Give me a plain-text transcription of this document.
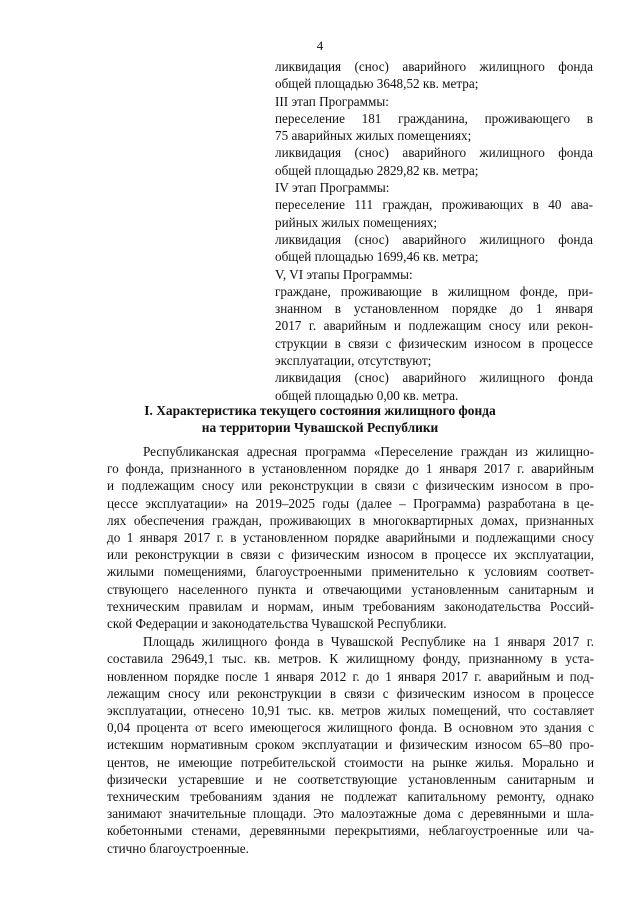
4
ликвидация (снос) аварийного жилищного фонда
общей площадью 3648,52 кв. метра;
III этап Программы:
переселение 181 гражданина, проживающего в
75 аварийных жилых помещениях;
ликвидация (снос) аварийного жилищного фонда
общей площадью 2829,82 кв. метра;
IV этап Программы:
переселение 111 граждан, проживающих в 40 ава-
рийных жилых помещениях;
ликвидация (снос) аварийного жилищного фонда
общей площадью 1699,46 кв. метра;
V, VI этапы Программы:
граждане, проживающие в жилищном фонде, при-
знанном в установленном порядке до 1 января
2017 г. аварийным и подлежащим сносу или рекон-
струкции в связи с физическим износом в процессе
эксплуатации, отсутствуют;
ликвидация (снос) аварийного жилищного фонда
общей площадью 0,00 кв. метра.
I. Характеристика текущего состояния жилищного фонда
на территории Чувашской Республики
Республиканская адресная программа «Переселение граждан из жилищно-
го фонда, признанного в установленном порядке до 1 января 2017 г. аварийным
и подлежащим сносу или реконструкции в связи с физическим износом в про-
цессе эксплуатации» на 2019–2025 годы (далее – Программа) разработана в це-
лях обеспечения граждан, проживающих в многоквартирных домах, признанных
до 1 января 2017 г. в установленном порядке аварийными и подлежащими сносу
или реконструкции в связи с физическим износом в процессе их эксплуатации,
жилыми помещениями, благоустроенными применительно к условиям соответ-
ствующего населенного пункта и отвечающими установленным санитарным и
техническим правилам и нормам, иным требованиям законодательства Россий-
ской Федерации и законодательства Чувашской Республики.
Площадь жилищного фонда в Чувашской Республике на 1 января 2017 г.
составила 29649,1 тыс. кв. метров. К жилищному фонду, признанному в уста-
новленном порядке после 1 января 2012 г. до 1 января 2017 г. аварийным и под-
лежащим сносу или реконструкции в связи с физическим износом в процессе
эксплуатации, отнесено 10,91 тыс. кв. метров жилых помещений, что составляет
0,04 процента от всего имеющегося жилищного фонда. В основном это здания с
истекшим нормативным сроком эксплуатации и физическим износом 65–80 про-
центов, не имеющие потребительской стоимости на рынке жилья. Морально и
физически устаревшие и не соответствующие установленным санитарным и
техническим требованиям здания не подлежат капитальному ремонту, однако
занимают значительные площади. Это малоэтажные дома с деревянными и шла-
кобетонными стенами, деревянными перекрытиями, неблагоустроенные или ча-
стично благоустроенные.
